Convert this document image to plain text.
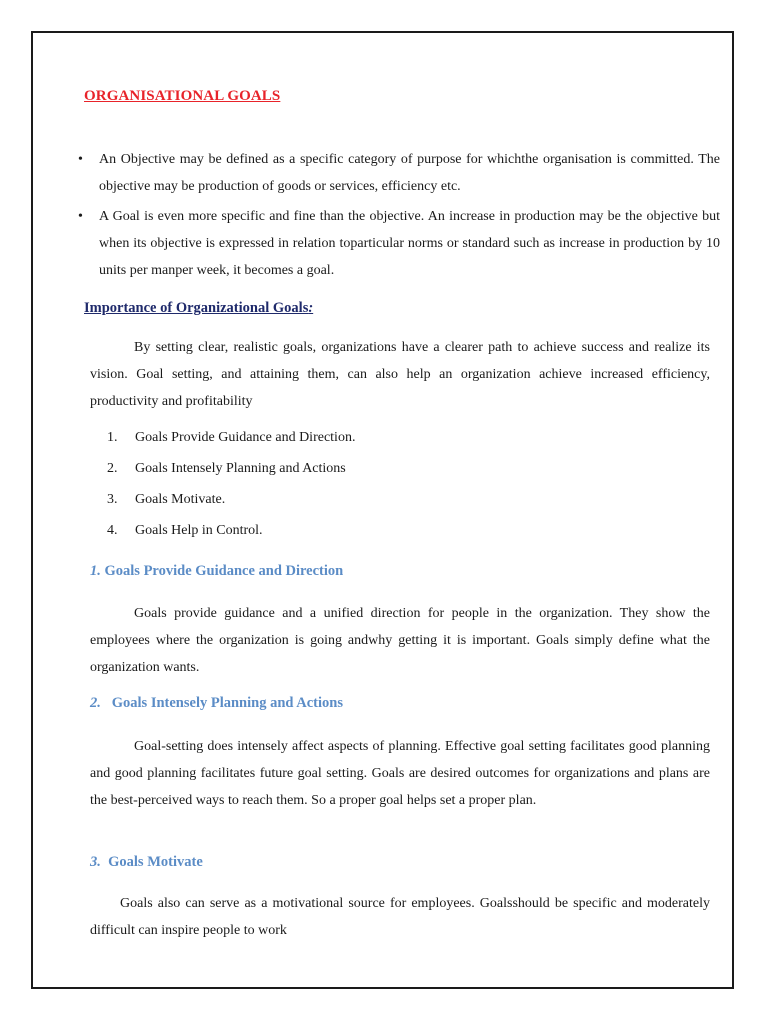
ORGANISATIONAL GOALS
• An Objective may be defined as a specific category of purpose for whichthe organisation is committed. The objective may be production of goods or services, efficiency etc.
• A Goal is even more specific and fine than the objective. An increase in production may be the objective but when its objective is expressed in relation toparticular norms or standard such as increase in production by 10 units per manper week, it becomes a goal.
Importance of Organizational Goals:

By setting clear, realistic goals, organizations have a clearer path to achieve success and realize its vision. Goal setting, and attaining them, can also help an organization achieve increased efficiency, productivity and profitability

1. Goals Provide Guidance and Direction.
2. Goals Intensely Planning and Actions
3. Goals Motivate.
4. Goals Help in Control.
1. Goals Provide Guidance and Direction

Goals provide guidance and a unified direction for people in the organization. They show the employees where the organization is going andwhy getting it is important. Goals simply define what the organization wants.

2. Goals Intensely Planning and Actions

Goal-setting does intensely affect aspects of planning. Effective goal setting facilitates good planning and good planning facilitates future goal setting. Goals are desired outcomes for organizations and plans are the best-perceived ways to reach them. So a proper goal helps set a proper plan.

3. Goals Motivate

Goals also can serve as a motivational source for employees. Goalsshould be specific and moderately difficult can inspire people to work
